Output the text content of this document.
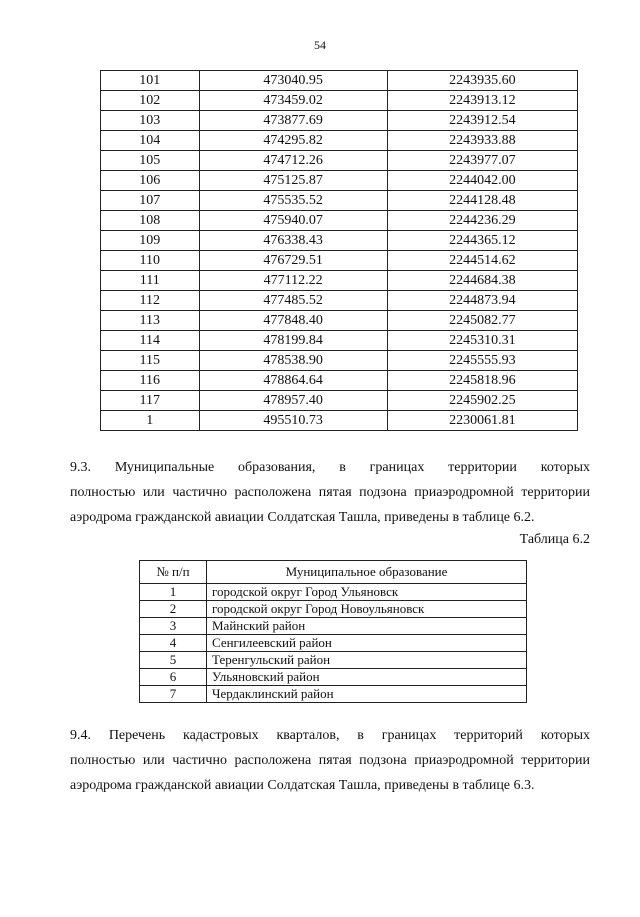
54
101	473040.95	2243935.60
102	473459.02	2243913.12
103	473877.69	2243912.54
104	474295.82	2243933.88
105	474712.26	2243977.07
106	475125.87	2244042.00
107	475535.52	2244128.48
108	475940.07	2244236.29
109	476338.43	2244365.12
110	476729.51	2244514.62
111	477112.22	2244684.38
112	477485.52	2244873.94
113	477848.40	2245082.77
114	478199.84	2245310.31
115	478538.90	2245555.93
116	478864.64	2245818.96
117	478957.40	2245902.25
1	495510.73	2230061.81
9.3. Муниципальные образования, в границах территории которых
полностью или частично расположена пятая подзона приаэродромной территории
аэродрома гражданской авиации Солдатская Ташла, приведены в таблице 6.2.
Таблица 6.2
№ п/п	Муниципальное образование
1	городской округ Город Ульяновск
2	городской округ Город Новоульяновск
3	Майнский район
4	Сенгилеевский район
5	Теренгульский район
6	Ульяновский район
7	Чердаклинский район
9.4. Перечень кадастровых кварталов, в границах территорий которых
полностью или частично расположена пятая подзона приаэродромной территории
аэродрома гражданской авиации Солдатская Ташла, приведены в таблице 6.3.
